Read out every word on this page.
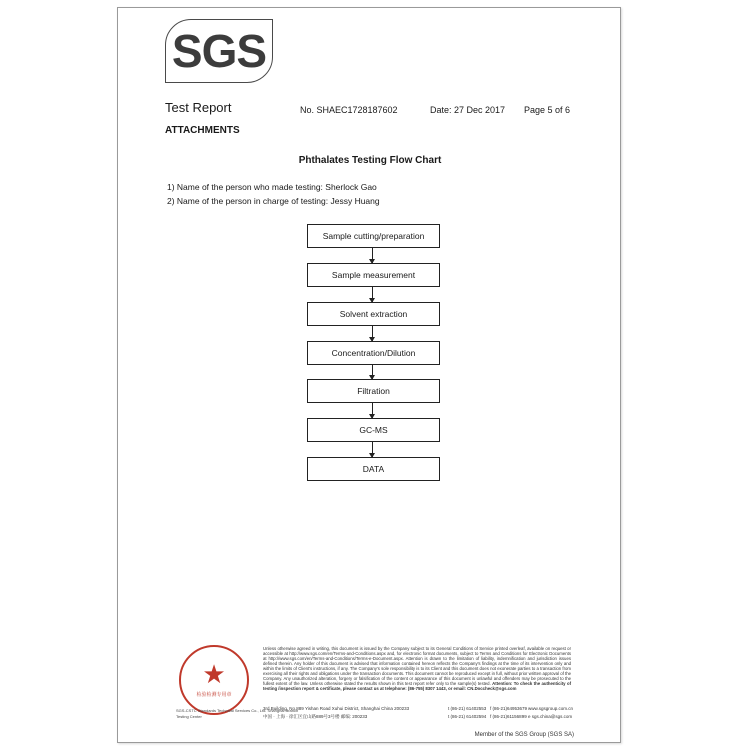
SGS
Test Report	No. SHAEC1728187602	Date: 27 Dec 2017 Page 5 of 6
ATTACHMENTS
Phthalates Testing Flow Chart
1) Name of the person who made testing: Sherlock Gao
2) Name of the person in charge of testing: Jessy Huang
Sample cutting/preparation
Sample measurement
Solvent extraction
Concentration/Dilution
Filtration
GC-MS
DATA
★
检验检测专用章
SGS-CSTC Standards Technical Services Co., Ltd. Shanghai Branch
Testing Center
Unless otherwise agreed in writing, this document is issued by the Company subject to its General Conditions of Service printed overleaf, available on request or accessible at http://www.sgs.com/en/Terms-and-Conditions.aspx and, for electronic format documents, subject to Terms and Conditions for Electronic Documents at http://www.sgs.com/en/Terms-and-Conditions/Terms-e-Document.aspx. Attention is drawn to the limitation of liability, indemnification and jurisdiction issues defined therein. Any holder of this document is advised that information contained hereon reflects the Company's findings at the time of its intervention only and within the limits of Client's instructions, if any. The Company's sole responsibility is to its Client and this document does not exonerate parties to a transaction from exercising all their rights and obligations under the transaction documents. This document cannot be reproduced except in full, without prior written approval of the Company. Any unauthorized alteration, forgery or falsification of the content or appearance of this document is unlawful and offenders may be prosecuted to the fullest extent of the law. Unless otherwise stated the results shown in this test report refer only to the sample(s) tested. Attention: To check the authenticity of testing /inspection report & certificate, please contact us at telephone: (86-755) 8307 1443, or email: CN.Doccheck@sgs.com
3rd Building, No.889 Yishan Road Xuhui District, Shanghai China 200233	t (86-21) 61402553 f (86-21)64953679 www.sgsgroup.com.cn
中国 · 上海 · 徐汇区宜山路889号3号楼 邮编: 200233	t (86-21) 61402594 f (86-21)61156899 e sgs.china@sgs.com
Member of the SGS Group (SGS SA)
